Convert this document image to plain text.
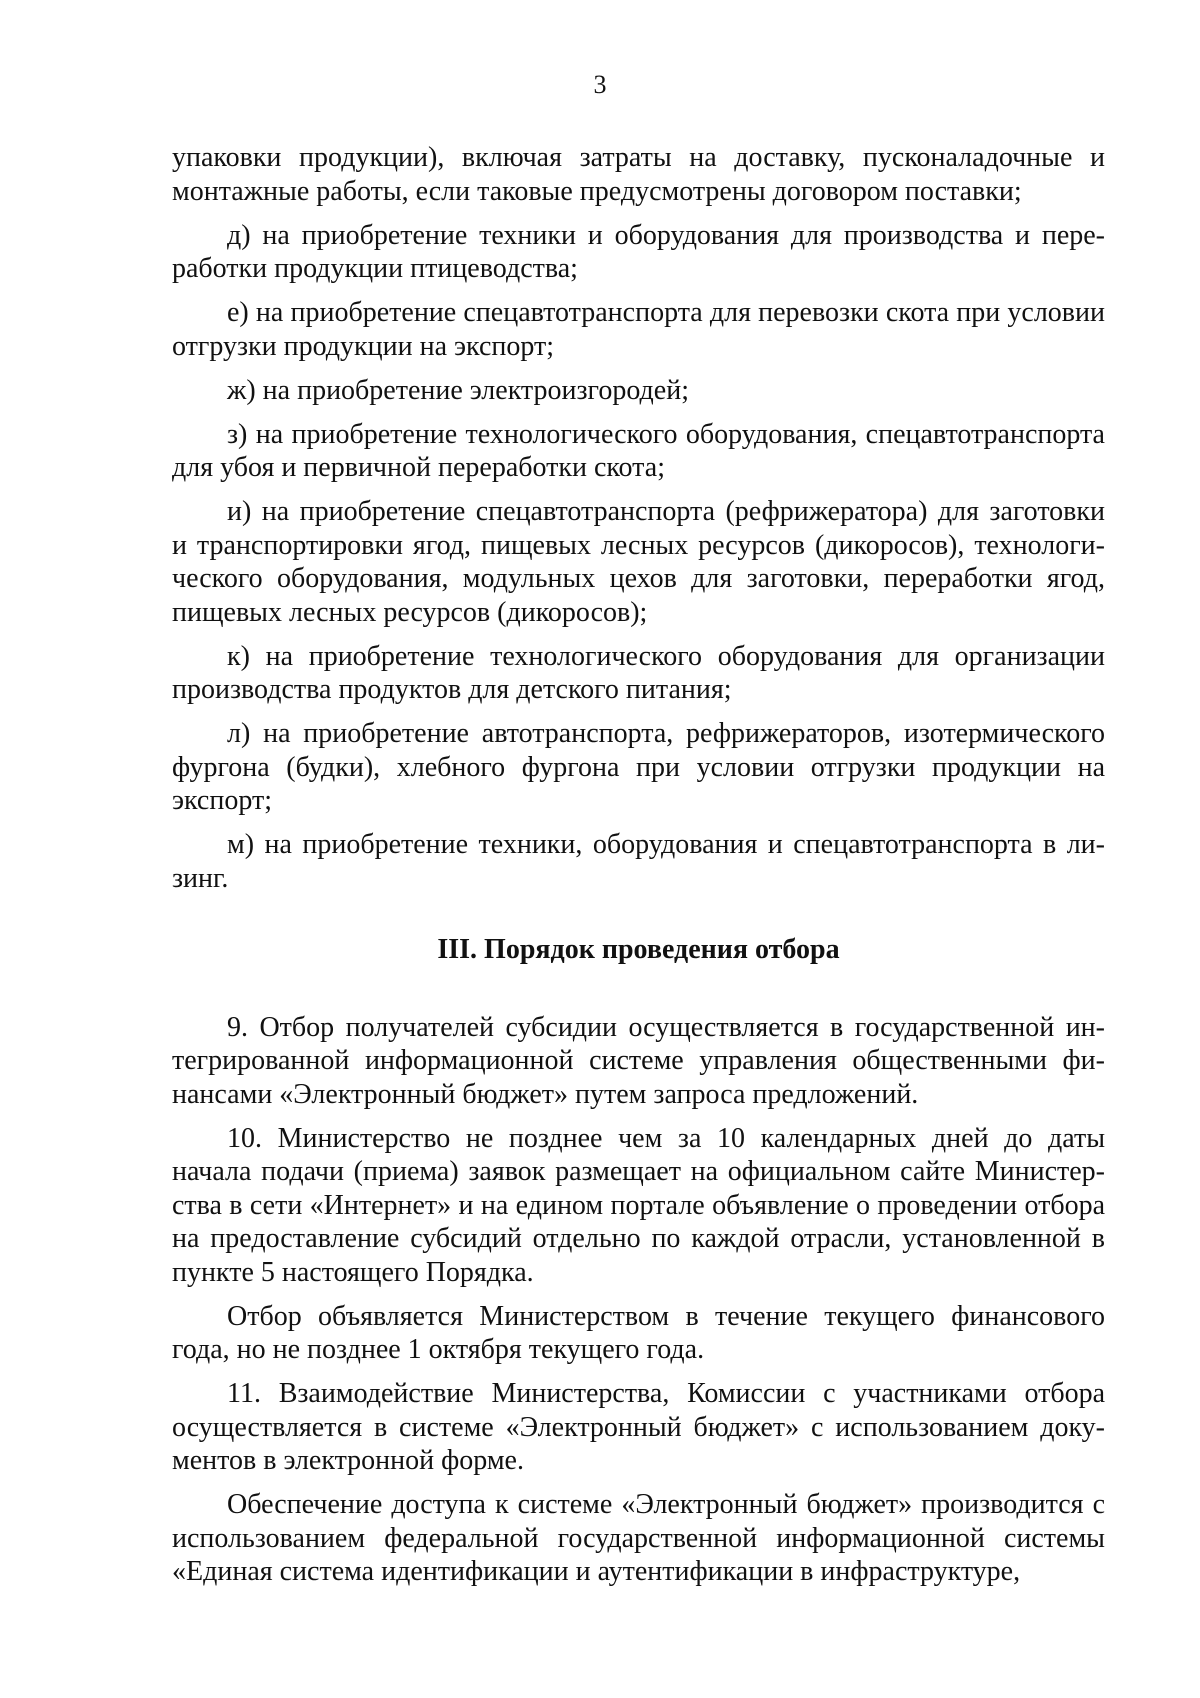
3

упаковки продукции), включая затраты на доставку, пусконаладочные и монтажные работы, если таковые предусмотрены договором поставки;

д) на приобретение техники и оборудования для производства и переработки продукции птицеводства;

е) на приобретение спецавтотранспорта для перевозки скота при условии отгрузки продукции на экспорт;

ж) на приобретение электроизгородей;

з) на приобретение технологического оборудования, спецавтотранспорта для убоя и первичной переработки скота;

и) на приобретение спецавтотранспорта (рефрижератора) для заготовки и транспортировки ягод, пищевых лесных ресурсов (дикоросов), технологического оборудования, модульных цехов для заготовки, переработки ягод, пищевых лесных ресурсов (дикоросов);

к) на приобретение технологического оборудования для организации производства продуктов для детского питания;

л) на приобретение автотранспорта, рефрижераторов, изотермического фургона (будки), хлебного фургона при условии отгрузки продукции на экспорт;

м) на приобретение техники, оборудования и спецавтотранспорта в лизинг.

III. Порядок проведения отбора

9. Отбор получателей субсидии осуществляется в государственной интегрированной информационной системе управления общественными финансами «Электронный бюджет» путем запроса предложений.

10. Министерство не позднее чем за 10 календарных дней до даты начала подачи (приема) заявок размещает на официальном сайте Министерства в сети «Интернет» и на едином портале объявление о проведении отбора на предоставление субсидий отдельно по каждой отрасли, установленной в пункте 5 настоящего Порядка.

Отбор объявляется Министерством в течение текущего финансового года, но не позднее 1 октября текущего года.

11. Взаимодействие Министерства, Комиссии с участниками отбора осуществляется в системе «Электронный бюджет» с использованием документов в электронной форме.

Обеспечение доступа к системе «Электронный бюджет» производится с использованием федеральной государственной информационной системы «Единая система идентификации и аутентификации в инфраструктуре,
